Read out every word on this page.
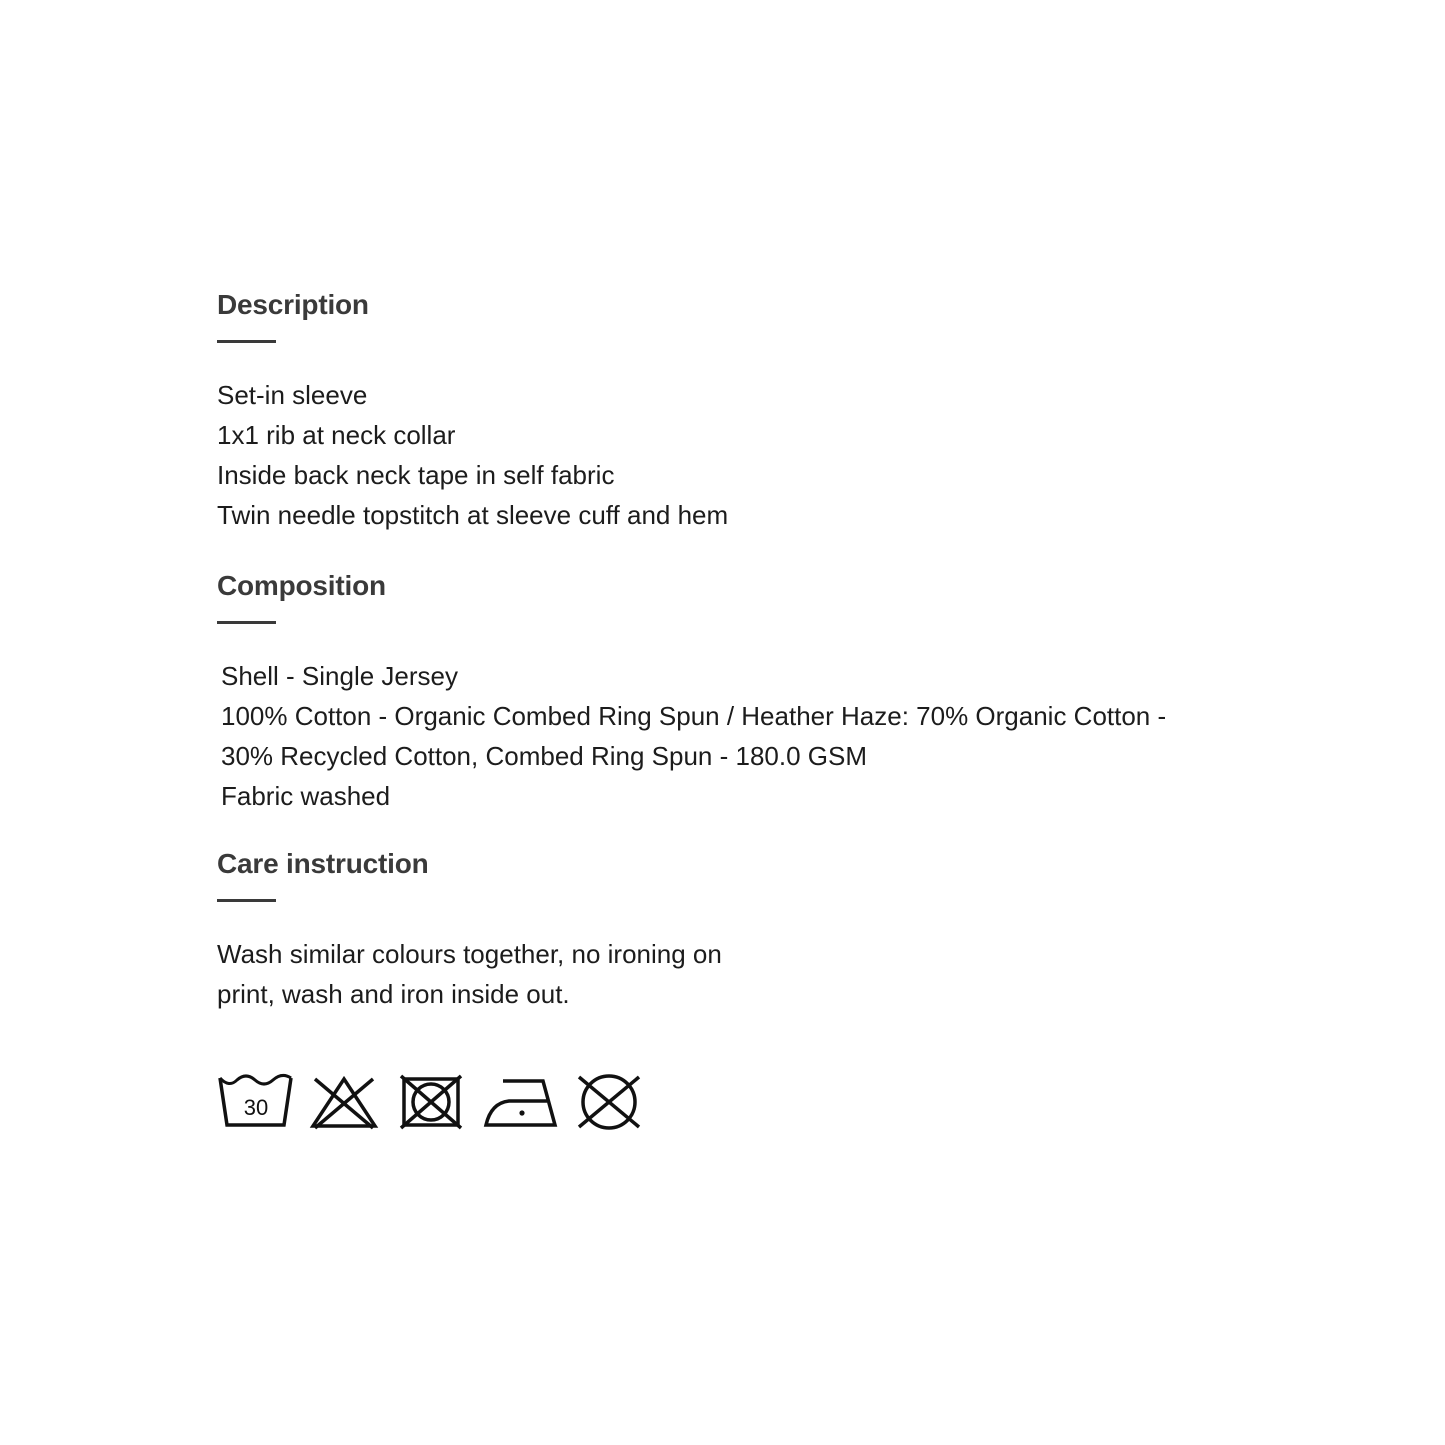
Description
Set-in sleeve
1x1 rib at neck collar
Inside back neck tape in self fabric
Twin needle topstitch at sleeve cuff and hem
Composition
Shell - Single Jersey
100% Cotton - Organic Combed Ring Spun / Heather Haze: 70% Organic Cotton -
30% Recycled Cotton, Combed Ring Spun - 180.0 GSM
Fabric washed
Care instruction
Wash similar colours together, no ironing on
print, wash and iron inside out.
30
